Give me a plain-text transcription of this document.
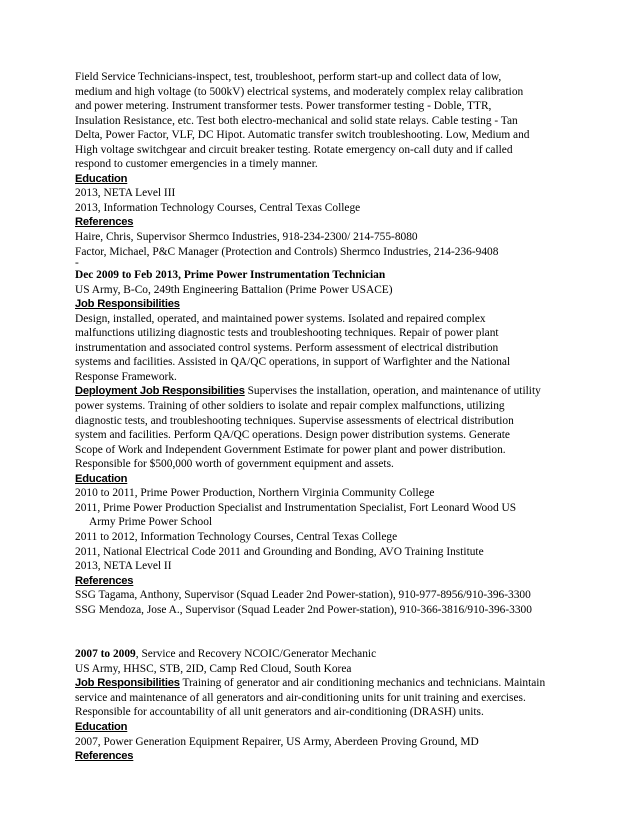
Field Service Technicians-inspect, test, troubleshoot, perform start-up and collect data of low,
medium and high voltage (to 500kV) electrical systems, and moderately complex relay calibration
and power metering. Instrument transformer tests. Power transformer testing - Doble, TTR,
Insulation Resistance, etc. Test both electro-mechanical and solid state relays. Cable testing - Tan
Delta, Power Factor, VLF, DC Hipot. Automatic transfer switch troubleshooting. Low, Medium and
High voltage switchgear and circuit breaker testing. Rotate emergency on-call duty and if called
respond to customer emergencies in a timely manner.
Education
2013, NETA Level III
2013, Information Technology Courses, Central Texas College
References
Haire, Chris, Supervisor Shermco Industries, 918-234-2300/ 214-755-8080
Factor, Michael, P&C Manager (Protection and Controls) Shermco Industries, 214-236-9408
-
Dec 2009 to Feb 2013, Prime Power Instrumentation Technician
US Army, B-Co, 249th Engineering Battalion (Prime Power USACE)
Job Responsibilities
Design, installed, operated, and maintained power systems. Isolated and repaired complex
malfunctions utilizing diagnostic tests and troubleshooting techniques. Repair of power plant
instrumentation and associated control systems. Perform assessment of electrical distribution
systems and facilities. Assisted in QA/QC operations, in support of Warfighter and the National
Response Framework.
Deployment Job Responsibilities Supervises the installation, operation, and maintenance of utility
power systems. Training of other soldiers to isolate and repair complex malfunctions, utilizing
diagnostic tests, and troubleshooting techniques. Supervise assessments of electrical distribution
system and facilities. Perform QA/QC operations. Design power distribution systems. Generate
Scope of Work and Independent Government Estimate for power plant and power distribution.
Responsible for $500,000 worth of government equipment and assets.
Education
2010 to 2011, Prime Power Production, Northern Virginia Community College
2011, Prime Power Production Specialist and Instrumentation Specialist, Fort Leonard Wood US
Army Prime Power School
2011 to 2012, Information Technology Courses, Central Texas College
2011, National Electrical Code 2011 and Grounding and Bonding, AVO Training Institute
2013, NETA Level II
References
SSG Tagama, Anthony, Supervisor (Squad Leader 2nd Power-station), 910-977-8956/910-396-3300
SSG Mendoza, Jose A., Supervisor (Squad Leader 2nd Power-station), 910-366-3816/910-396-3300
2007 to 2009, Service and Recovery NCOIC/Generator Mechanic
US Army, HHSC, STB, 2ID, Camp Red Cloud, South Korea
Job Responsibilities Training of generator and air conditioning mechanics and technicians. Maintain
service and maintenance of all generators and air-conditioning units for unit training and exercises.
Responsible for accountability of all unit generators and air-conditioning (DRASH) units.
Education
2007, Power Generation Equipment Repairer, US Army, Aberdeen Proving Ground, MD
References
